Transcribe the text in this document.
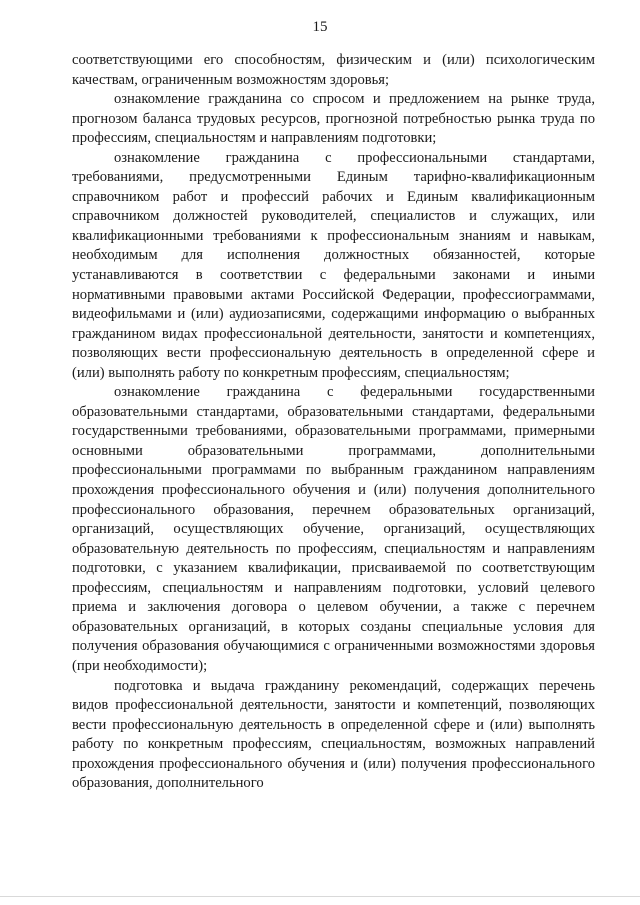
15

соответствующими его способностям, физическим и (или) психологическим качествам, ограниченным возможностям здоровья;

ознакомление гражданина со спросом и предложением на рынке труда, прогнозом баланса трудовых ресурсов, прогнозной потребностью рынка труда по профессиям, специальностям и направлениям подготовки;

ознакомление гражданина с профессиональными стандартами, требованиями, предусмотренными Единым тарифно-квалификационным справочником работ и профессий рабочих и Единым квалификационным справочником должностей руководителей, специалистов и служащих, или квалификационными требованиями к профессиональным знаниям и навыкам, необходимым для исполнения должностных обязанностей, которые устанавливаются в соответствии с федеральными законами и иными нормативными правовыми актами Российской Федерации, профессиограммами, видеофильмами и (или) аудиозаписями, содержащими информацию о выбранных гражданином видах профессиональной деятельности, занятости и компетенциях, позволяющих вести профессиональную деятельность в определенной сфере и (или) выполнять работу по конкретным профессиям, специальностям;

ознакомление гражданина с федеральными государственными образовательными стандартами, образовательными стандартами, федеральными государственными требованиями, образовательными программами, примерными основными образовательными программами, дополнительными профессиональными программами по выбранным гражданином направлениям прохождения профессионального обучения и (или) получения дополнительного профессионального образования, перечнем образовательных организаций, организаций, осуществляющих обучение, организаций, осуществляющих образовательную деятельность по профессиям, специальностям и направлениям подготовки, с указанием квалификации, присваиваемой по соответствующим профессиям, специальностям и направлениям подготовки, условий целевого приема и заключения договора о целевом обучении, а также с перечнем образовательных организаций, в которых созданы специальные условия для получения образования обучающимися с ограниченными возможностями здоровья (при необходимости);

подготовка и выдача гражданину рекомендаций, содержащих перечень видов профессиональной деятельности, занятости и компетенций, позволяющих вести профессиональную деятельность в определенной сфере и (или) выполнять работу по конкретным профессиям, специальностям, возможных направлений прохождения профессионального обучения и (или) получения профессионального образования, дополнительного
